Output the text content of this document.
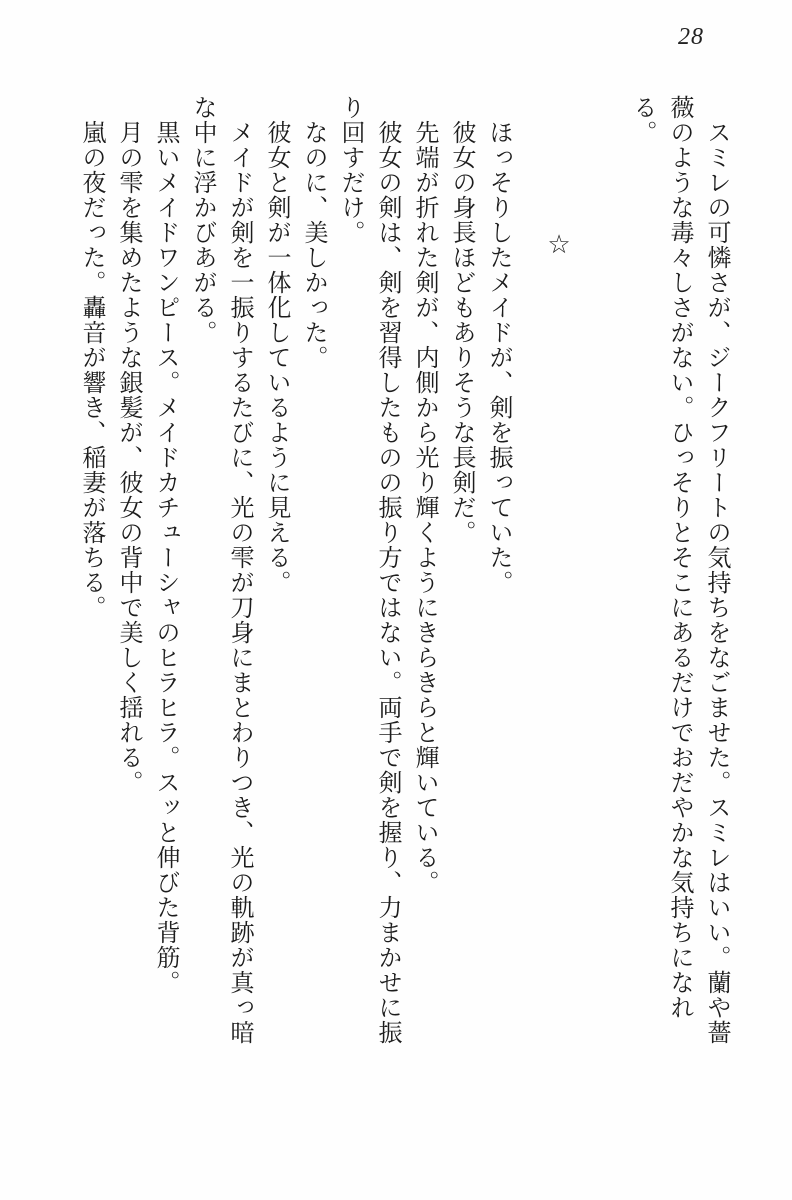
28

スミレの可憐さが、ジークフリートの気持ちをなごませた。スミレはいい。蘭や薔薇のような毒々しさがない。ひっそりとそこにあるだけでおだやかな気持ちになれる。

☆

ほっそりしたメイドが、剣を振っていた。

彼女の身長ほどもありそうな長剣だ。

先端が折れた剣が、内側から光り輝くようにきらきらと輝いている。

彼女の剣は、剣を習得したものの振り方ではない。両手で剣を握り、力まかせに振り回すだけ。

なのに、美しかった。

彼女と剣が一体化しているように見える。

メイドが剣を一振りするたびに、光の雫が刀身にまとわりつき、光の軌跡が真っ暗な中に浮かびあがる。

黒いメイドワンピース。メイドカチューシャのヒラヒラ。スッと伸びた背筋。

月の雫を集めたような銀髪が、彼女の背中で美しく揺れる。

嵐の夜だった。轟音が響き、稲妻が落ちる。
